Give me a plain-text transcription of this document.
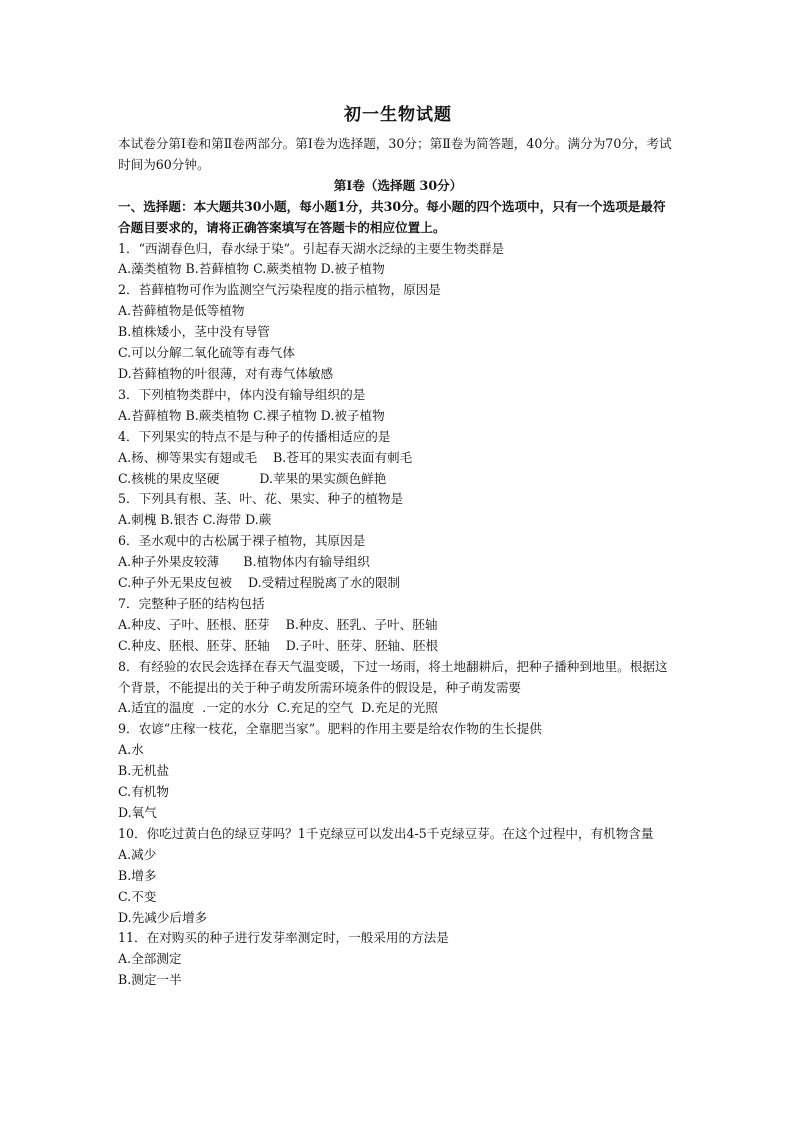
初一生物试题
本试卷分第Ⅰ卷和第Ⅱ卷两部分。第Ⅰ卷为选择题，30分；第Ⅱ卷为简答题，40分。满分为70分，考试时间为60分钟。
第Ⅰ卷（选择题 30分）
一、选择题：本大题共30小题，每小题1分，共30分。每小题的四个选项中，只有一个选项是最符合题目要求的，请将正确答案填写在答题卡的相应位置上。
1．“西湖春色归，春水绿于染”。引起春天湖水泛绿的主要生物类群是
A.藻类植物 B.苔藓植物 C.蕨类植物 D.被子植物
2．苔藓植物可作为监测空气污染程度的指示植物，原因是
A.苔藓植物是低等植物
B.植株矮小，茎中没有导管
C.可以分解二氧化硫等有毒气体
D.苔藓植物的叶很薄，对有毒气体敏感
3．下列植物类群中，体内没有输导组织的是
A.苔藓植物 B.蕨类植物 C.裸子植物 D.被子植物
4．下列果实的特点不是与种子的传播相适应的是
A.杨、柳等果实有翅或毛    B.苍耳的果实表面有刺毛
C.核桃的果皮坚硬          D.苹果的果实颜色鲜艳
5．下列具有根、茎、叶、花、果实、种子的植物是
A.刺槐 B.银杏 C.海带 D.蕨
6．圣水观中的古松属于裸子植物，其原因是
A.种子外果皮较薄      B.植物体内有输导组织
C.种子外无果皮包被    D.受精过程脱离了水的限制
7．完整种子胚的结构包括
A.种皮、子叶、胚根、胚芽    B.种皮、胚乳、子叶、胚轴
C.种皮、胚根、胚芽、胚轴    D.子叶、胚芽、胚轴、胚根
8．有经验的农民会选择在春天气温变暖，下过一场雨，将土地翻耕后，把种子播种到地里。根据这个背景，不能提出的关于种子萌发所需环境条件的假设是，种子萌发需要
A.适宜的温度  .一定的水分  C.充足的空气  D.充足的光照
9．农谚“庄稼一枝花，全靠肥当家”。肥料的作用主要是给农作物的生长提供
A.水
B.无机盐
C.有机物
D.氧气
10．你吃过黄白色的绿豆芽吗？1千克绿豆可以发出4-5千克绿豆芽。在这个过程中，有机物含量
A.减少
B.增多
C.不变
D.先减少后增多
11．在对购买的种子进行发芽率测定时，一般采用的方法是
A.全部测定
B.测定一半
